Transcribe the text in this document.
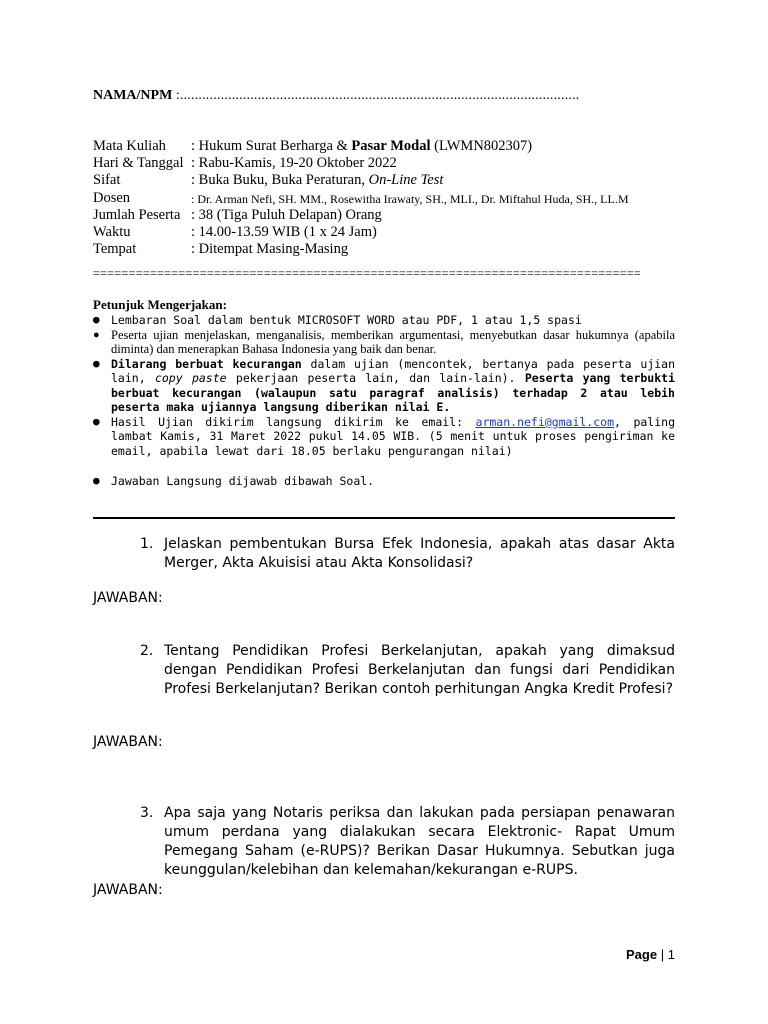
NAMA/NPM :............................................................................................................
Mata Kuliah	: Hukum Surat Berharga & Pasar Modal (LWMN802307)
Hari & Tanggal : Rabu-Kamis, 19-20 Oktober 2022
Sifat	: Buka Buku, Buka Peraturan, On-Line Test
Dosen	: Dr. Arman Nefi, SH. MM., Rosewitha Irawaty, SH., MLI., Dr. Miftahul Huda, SH., LL.M
Jumlah Peserta : 38 (Tiga Puluh Delapan) Orang
Waktu	: 14.00-13.59 WIB (1 x 24 Jam)
Tempat	: Ditempat Masing-Masing
=============================================================================
Petunjuk Mengerjakan:
● Lembaran Soal dalam bentuk MICROSOFT WORD atau PDF, 1 atau 1,5 spasi
● Peserta ujian menjelaskan, menganalisis, memberikan argumentasi, menyebutkan dasar hukumnya (apabila diminta) dan menerapkan Bahasa Indonesia yang baik dan benar.
● Dilarang berbuat kecurangan dalam ujian (mencontek, bertanya pada peserta ujian lain, copy paste pekerjaan peserta lain, dan lain-lain). Peserta yang terbukti berbuat kecurangan (walaupun satu paragraf analisis) terhadap 2 atau lebih peserta maka ujiannya langsung diberikan nilai E.
● Hasil Ujian dikirim langsung dikirim ke email: arman.nefi@gmail.com, paling lambat Kamis, 31 Maret 2022 pukul 14.05 WIB. (5 menit untuk proses pengiriman ke email, apabila lewat dari 18.05 berlaku pengurangan nilai)
● Jawaban Langsung dijawab dibawah Soal.
1. Jelaskan pembentukan Bursa Efek Indonesia, apakah atas dasar Akta Merger, Akta Akuisisi atau Akta Konsolidasi?
JAWABAN:
2. Tentang Pendidikan Profesi Berkelanjutan, apakah yang dimaksud dengan Pendidikan Profesi Berkelanjutan dan fungsi dari Pendidikan Profesi Berkelanjutan? Berikan contoh perhitungan Angka Kredit Profesi?
JAWABAN:
3. Apa saja yang Notaris periksa dan lakukan pada persiapan penawaran umum perdana yang dialakukan secara Elektronic- Rapat Umum Pemegang Saham (e-RUPS)? Berikan Dasar Hukumnya. Sebutkan juga keunggulan/kelebihan dan kelemahan/kekurangan e-RUPS.
JAWABAN:
Page | 1
